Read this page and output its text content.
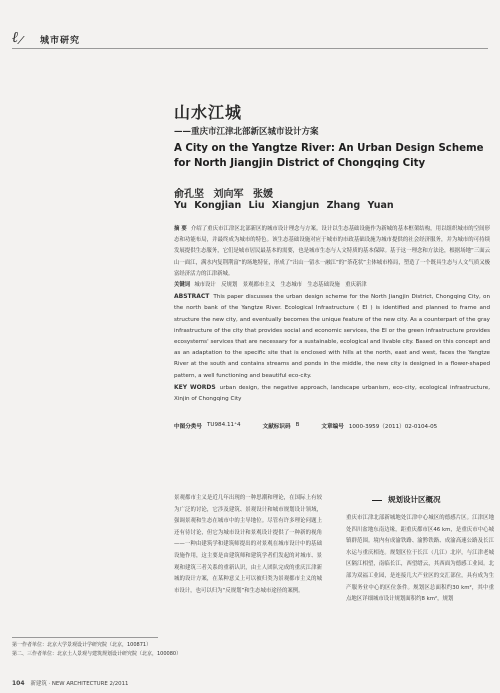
ℓ ⁄ 城市研究
山水江城
——重庆市江津北部新区城市设计方案
A City on the Yangtze River: An Urban Design Scheme for North Jiangjin District of Chongqing City
俞孔坚 刘向军 张媛
Yu Kongjian Liu Xiangjun Zhang Yuan

摘 要 介绍了重庆市江津区北部新区的城市设计理念与方案。设计以生态基础设施作为新城的基本框架结构，用以组织城市的空间形态和功能布局，并最终成为城市的特色。该生态基础设施对应于城市的市政基础设施为城市提供的社会经济服务，并为城市的可持续发展提供生态服务，它们是城市居民最基本的需要，也是城市生态与人文特质的基本保障。基于这一理念和方法论，根据场地“三面云山一面江，满水内复荆荆富”的场地特征，形成了“出山一留水一融江”的“荼花状”主体城市格局，塑造了一个既具生态与人文气质又极富经济活力的江津新城。

关键词 城市设计　反规划　景观都市主义　生态城市　生态基础设施　重庆新津

ABSTRACT This paper discusses the urban design scheme for the North Jiangjin District, Chongqing City, on the north bank of the Yangtze River. Ecological Infrastructure ( EI ) is identified and planned to frame and structure the new city, and eventually becomes the unique feature of the new city. As a counterpart of the gray infrastructure of the city that provides social and economic services, the EI or the green infrastructure provides ecosystems' services that are necessary for a sustainable, ecological and livable city. Based on this concept and as an adaptation to the specific site that is enclosed with hills at the north, east and west, faces the Yangtze River at the south and contains streams and ponds in the middle, the new city is designed in a flower-shaped pattern, a well functioning and beautiful eco-city.

KEY WORDS urban design, the negative approach, landscape urbanism, eco-city, ecological infrastructure, Xinjin of Chongqing City

中图分类号 TU984.11⁺4	文献标识码 B	文章编号 1000-3959（2011）02-0104-05
景观都市主义是近几年出现的一种思潮和理论，在国际上有较为广泛的讨论，它涉及建筑、景观设计和城市规划设计领域，强调景观和生态在城市中的主导地位。尽管有许多理论问题上还有待讨论，但它为城市设计和景观设计提供了一种新的视角——一种由建筑学和建筑师提出的对景观在城市设计中的基础设施作用，这主要是由建筑师和建筑学者们发起的对城市、景观和建筑三者关系的重新认识，由土人团队完成的重庆江津新城的设计方案，在某种意义上可以被归类为景观都市主义的城市设计，也可以归为“反规划”和生态城市途径的案例。
规划设计区概况
重庆市江津北部新城地处江津中心城区的德感片区。江津区地处四川盆地东南边缘，距重庆都市区46 km，是重庆市中心城镇群范围。境内有成渝铁路、渝黔铁路、成渝高速公路及长江水运与重庆相连。规划区位于长江（几江）北岸，与江津老城区隔江相望，南临长江，西望缙云，其西面为德感工业园。北部为双福工业园，是连接几大产业区的交汇部位，具有成为生产服务业中心的区位条件。规划区总面积约30 km²，其中重点地区详细城市设计规划面积约8 km²，规划
第一作者单位：北京大学景观设计学研究院（北京，100871）
第二、三作者单位：北京土人景观与建筑规划设计研究院（北京，100080）
104 新建筑 · NEW ARCHITECTURE 2/2011
